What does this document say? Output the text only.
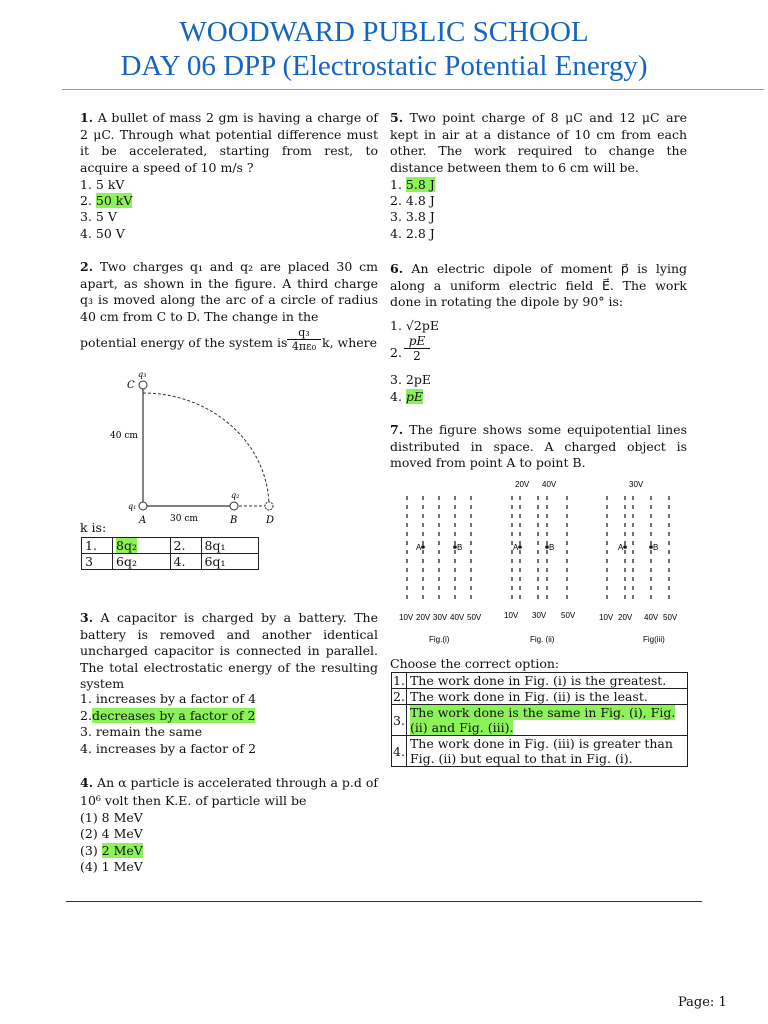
WOODWARD PUBLIC SCHOOL
DAY 06 DPP (Electrostatic Potential Energy)
1. A bullet of mass 2 gm is having a charge of 2 μC. Through what potential difference must it be accelerated, starting from rest, to acquire a speed of 10 m/s ?
1. 5 kV
2. 50 kV
3. 5 V
4. 50 V
2. Two charges q₁ and q₂ are placed 30 cm apart, as shown in the figure. A third charge q₃ is moved along the arc of a circle of radius 40 cm from C to D. The change in the
potential energy of the system is $\frac{\text{q₃}}{\text{4πε₀}} k$, where
q₃
C
40 cm
q₁
A	30 cm
q₂
B	D
k is:
1.	8q₂	2.	8q₁
3	6q₂	4.	6q₁
3. A capacitor is charged by a battery. The battery is removed and another identical uncharged capacitor is connected in parallel. The total electrostatic energy of the resulting system
1. increases by a factor of 4
2.decreases by a factor of 2
3. remain the same
4. increases by a factor of 2
4. An α particle is accelerated through a p.d of
10⁶ volt then K.E. of particle will be
(1) 8 MeV
(2) 4 MeV
(3) 2 MeV
(4) 1 MeV
5. Two point charge of 8 μC and 12 μC are kept in air at a distance of 10 cm from each other. The work required to change the distance between them to 6 cm will be.
1. 5.8 J
2. 4.8 J
3. 3.8 J
4. 2.8 J
6. An electric dipole of moment p⃗ is lying along a uniform electric field E⃗. The work done in rotating the dipole by 90° is:
1. √2pE
2. $\frac{pE}{2}$
3. 2pE
4. pE
7. The figure shows some equipotential lines distributed in space. A charged object is moved from point A to point B.
A	B	A	B	A	B
10V 20V 30V 40V 50V
Fig.(i)
20V 40V
10V 30V 50V
Fig. (ii)
30V
10V 20V 40V 50V
Fig(iii)
Choose the correct option:
1.	The work done in Fig. (i) is the greatest.
2.	The work done in Fig. (ii) is the least.
3.	The work done is the same in Fig. (i), Fig. (ii) and Fig. (iii).
4.	The work done in Fig. (iii) is greater than Fig. (ii) but equal to that in Fig. (i).
Page: 1
